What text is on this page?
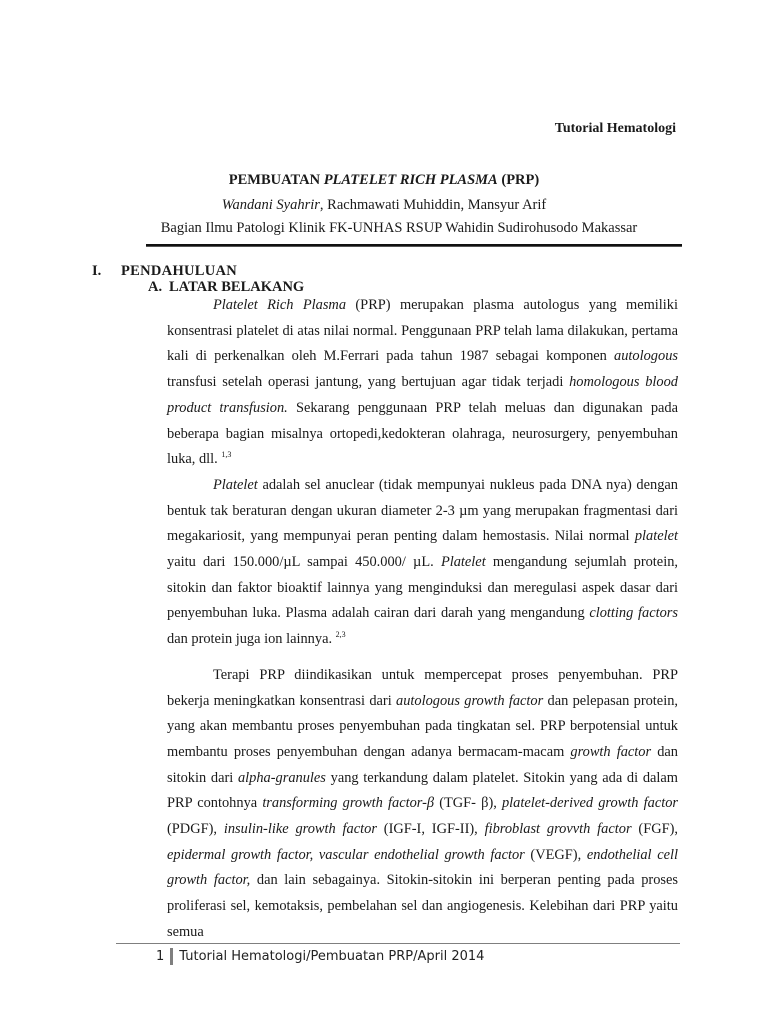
Tutorial Hematologi
PEMBUATAN PLATELET RICH PLASMA (PRP)
Wandani Syahrir, Rachmawati Muhiddin, Mansyur Arif
Bagian Ilmu Patologi Klinik FK-UNHAS RSUP Wahidin Sudirohusodo Makassar
I. PENDAHULUAN
A. LATAR BELAKANG

Platelet Rich Plasma (PRP) merupakan plasma autologus yang memiliki konsentrasi platelet di atas nilai normal. Penggunaan PRP telah lama dilakukan, pertama kali di perkenalkan oleh M.Ferrari pada tahun 1987 sebagai komponen autologous transfusi setelah operasi jantung, yang bertujuan agar tidak terjadi homologous blood product transfusion. Sekarang penggunaan PRP telah meluas dan digunakan pada beberapa bagian misalnya ortopedi,kedokteran olahraga, neurosurgery, penyembuhan luka, dll. $^{1,3}$

Platelet adalah sel anuclear (tidak mempunyai nukleus pada DNA nya) dengan bentuk tak beraturan dengan ukuran diameter 2-3 µm yang merupakan fragmentasi dari megakariosit, yang mempunyai peran penting dalam hemostasis. Nilai normal platelet yaitu dari 150.000/µL sampai 450.000/ µL. Platelet mengandung sejumlah protein, sitokin dan faktor bioaktif lainnya yang menginduksi dan meregulasi aspek dasar dari penyembuhan luka. Plasma adalah cairan dari darah yang mengandung clotting factors dan protein juga ion lainnya. $^{2,3}$

Terapi PRP diindikasikan untuk mempercepat proses penyembuhan. PRP bekerja meningkatkan konsentrasi dari autologous growth factor dan pelepasan protein, yang akan membantu proses penyembuhan pada tingkatan sel. PRP berpotensial untuk membantu proses penyembuhan dengan adanya bermacam-macam growth factor dan sitokin dari alpha-granules yang terkandung dalam platelet. Sitokin yang ada di dalam PRP contohnya transforming growth factor-β (TGF- β), platelet-derived growth factor (PDGF), insulin-like growth factor (IGF-I, IGF-II), fibroblast grovvth factor (FGF), epidermal growth factor, vascular endothelial growth factor (VEGF), endothelial cell growth factor, dan lain sebagainya. Sitokin-sitokin ini berperan penting pada proses proliferasi sel, kemotaksis, pembelahan sel dan angiogenesis. Kelebihan dari PRP yaitu semua

1 Tutorial Hematologi/Pembuatan PRP/April 2014
